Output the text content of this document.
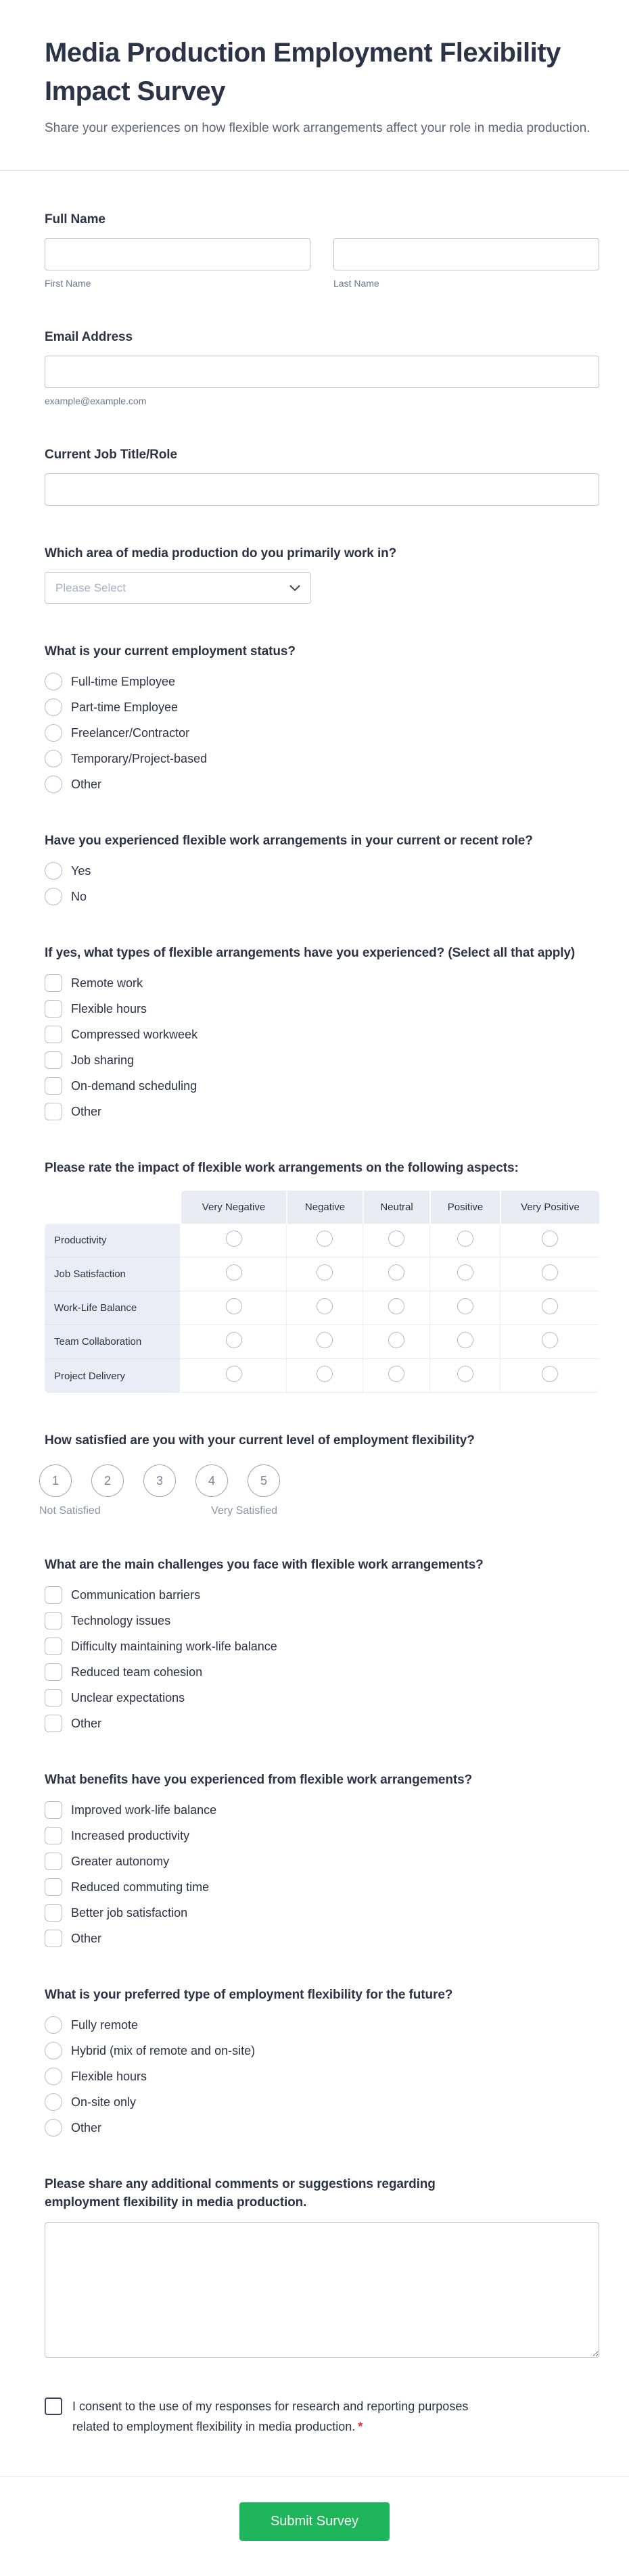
Media Production Employment Flexibility Impact Survey

Share your experiences on how flexible work arrangements affect your role in media production.

Full Name
First Name	Last Name
Email Address
example@example.com
Current Job Title/Role
Which area of media production do you primarily work in?
Please Select
What is your current employment status?
Full-time Employee
Part-time Employee
Freelancer/Contractor
Temporary/Project-based
Other
Have you experienced flexible work arrangements in your current or recent role?
Yes
No
If yes, what types of flexible arrangements have you experienced? (Select all that apply)
Remote work
Flexible hours
Compressed workweek
Job sharing
On-demand scheduling
Other
Please rate the impact of flexible work arrangements on the following aspects:
	Very Negative	Negative	Neutral	Positive	Very Positive
Productivity					
Job Satisfaction					
Work-Life Balance					
Team Collaboration					
Project Delivery					
How satisfied are you with your current level of employment flexibility?
1	2	3	4	5
Not Satisfied	Very Satisfied
What are the main challenges you face with flexible work arrangements?
Communication barriers
Technology issues
Difficulty maintaining work-life balance
Reduced team cohesion
Unclear expectations
Other
What benefits have you experienced from flexible work arrangements?
Improved work-life balance
Increased productivity
Greater autonomy
Reduced commuting time
Better job satisfaction
Other
What is your preferred type of employment flexibility for the future?
Fully remote
Hybrid (mix of remote and on-site)
Flexible hours
On-site only
Other
Please share any additional comments or suggestions regarding employment flexibility in media production.
I consent to the use of my responses for research and reporting purposes related to employment flexibility in media production. *
Submit Survey
